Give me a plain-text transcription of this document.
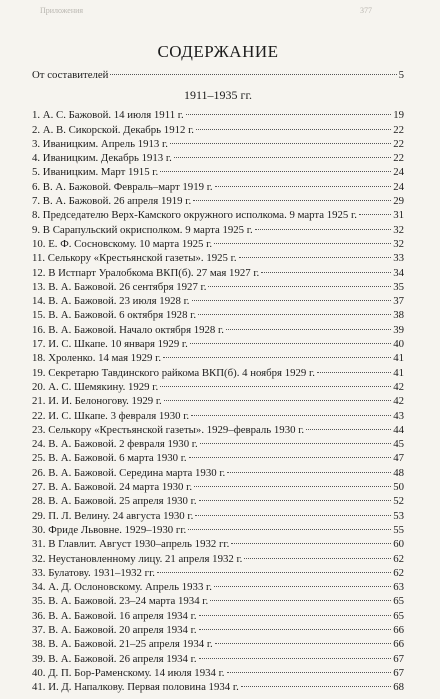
Приложения	377
СОДЕРЖАНИЕ
От составителей	5
1911–1935 гг.
1. А. С. Бажовой. 14 июля 1911 г.	19
2. А. В. Сикорской. Декабрь 1912 г.	22
3. Иваницким. Апрель 1913 г.	22
4. Иваницким. Декабрь 1913 г.	22
5. Иваницким. Март 1915 г.	24
6. В. А. Бажовой. Февраль–март 1919 г.	24
7. В. А. Бажовой. 26 апреля 1919 г.	29
8. Председателю Верх-Камского окружного исполкома. 9 марта 1925 г.	31
9. В Сарапульский окрисполком. 9 марта 1925 г.	32
10. Е. Ф. Сосновскому. 10 марта 1925 г.	32
11. Селькору «Крестьянской газеты». 1925 г.	33
12. В Истпарт Уралобкома ВКП(б). 27 мая 1927 г.	34
13. В. А. Бажовой. 26 сентября 1927 г.	35
14. В. А. Бажовой. 23 июля 1928 г.	37
15. В. А. Бажовой. 6 октября 1928 г.	38
16. В. А. Бажовой. Начало октября 1928 г.	39
17. И. С. Шкапе. 10 января 1929 г.	40
18. Хроленко. 14 мая 1929 г.	41
19. Секретарю Тавдинского райкома ВКП(б). 4 ноября 1929 г.	41
20. А. С. Шемякину. 1929 г.	42
21. И. И. Белоногову. 1929 г.	42
22. И. С. Шкапе. 3 февраля 1930 г.	43
23. Селькору «Крестьянской газеты». 1929–февраль 1930 г.	44
24. В. А. Бажовой. 2 февраля 1930 г.	45
25. В. А. Бажовой. 6 марта 1930 г.	47
26. В. А. Бажовой. Середина марта 1930 г.	48
27. В. А. Бажовой. 24 марта 1930 г.	50
28. В. А. Бажовой. 25 апреля 1930 г.	52
29. П. Л. Велину. 24 августа 1930 г.	53
30. Фриде Львовне. 1929–1930 гг.	55
31. В Главлит. Август 1930–апрель 1932 гг.	60
32. Неустановленному лицу. 21 апреля 1932 г.	62
33. Булатову. 1931–1932 гг.	62
34. А. Д. Ослоновскому. Апрель 1933 г.	63
35. В. А. Бажовой. 23–24 марта 1934 г.	65
36. В. А. Бажовой. 16 апреля 1934 г.	65
37. В. А. Бажовой. 20 апреля 1934 г.	66
38. В. А. Бажовой. 21–25 апреля 1934 г.	66
39. В. А. Бажовой. 26 апреля 1934 г.	67
40. Д. П. Бор-Раменскому. 14 июля 1934 г.	67
41. И. Д. Напалкову. Первая половина 1934 г.	68
